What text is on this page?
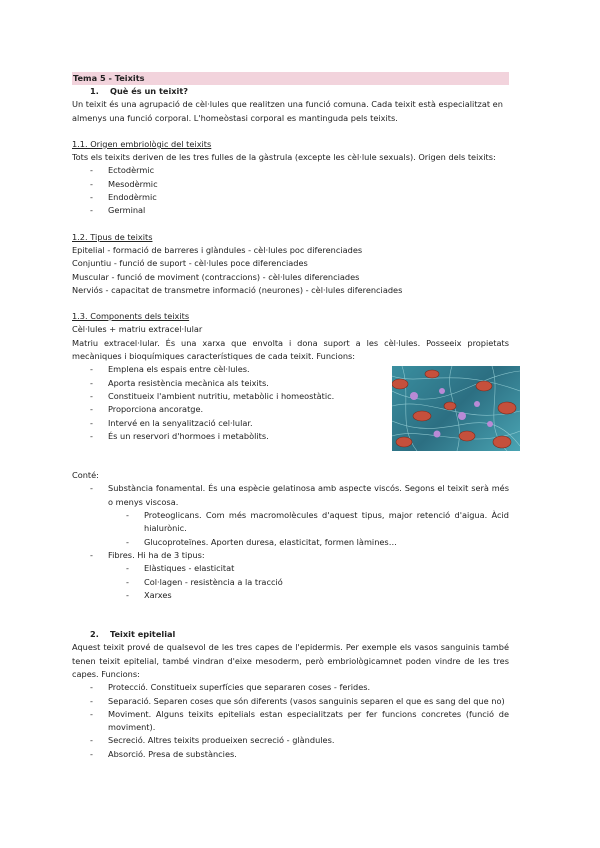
Tema 5 - Teixits
1. Què és un teixit?

Un teixit és una agrupació de cèl·lules que realitzen una funció comuna. Cada teixit està especialitzat en almenys una funció corporal. L'homeòstasi corporal es mantinguda pels teixits.

1.1. Origen embriològic del teixits

Tots els teixits deriven de les tres fulles de la gàstrula (excepte les cèl·lule sexuals). Origen dels teixits:

- Ectodèrmic
- Mesodèrmic
- Endodèrmic
- Germinal
1.2. Tipus de teixits
Epitelial - formació de barreres i glàndules - cèl·lules poc diferenciades
Conjuntiu - funció de suport - cèl·lules poce diferenciades
Muscular - funció de moviment (contraccions) - cèl·lules diferenciades
Nerviós - capacitat de transmetre informació (neurones) - cèl·lules diferenciades
1.3. Components dels teixits
Cèl·lules + matriu extracel·lular

Matriu extracel·lular. És una xarxa que envolta i dona suport a les cèl·lules. Posseeix propietats mecàniques i bioquímiques característiques de cada teixit. Funcions:

- Emplena els espais entre cèl·lules.
- Aporta resistència mecànica als teixits.
- Constitueix l'ambient nutritiu, metabòlic i homeostàtic.
- Proporciona ancoratge.
- Intervé en la senyalització cel·lular.
- És un reservori d'hormoes i metabòlits.
Conté:
- Substància fonamental. És una espècie gelatinosa amb aspecte viscós. Segons el teixit serà més o menys viscosa.
- Proteoglicans. Com més macromolècules d'aquest tipus, major retenció d'aigua. Àcid hialurònic.
- Glucoproteïnes. Aporten duresa, elasticitat, formen làmines…
- Fibres. Hi ha de 3 tipus:
- Elàstiques - elasticitat
- Col·lagen - resistència a la tracció
- Xarxes
2. Teixit epitelial

Aquest teixit prové de qualsevol de les tres capes de l'epidermis. Per exemple els vasos sanguinis també tenen teixit epitelial, també vindran d'eixe mesoderm, però embriològicamnet poden vindre de les tres capes. Funcions:

- Protecció. Constitueix superfícies que separaren coses - ferides.
- Separació. Separen coses que són diferents (vasos sanguinis separen el que es sang del que no)
- Moviment. Alguns teixits epitelials estan especialitzats per fer funcions concretes (funció de moviment).
- Secreció. Altres teixits produeixen secreció - glàndules.
- Absorció. Presa de substàncies.
